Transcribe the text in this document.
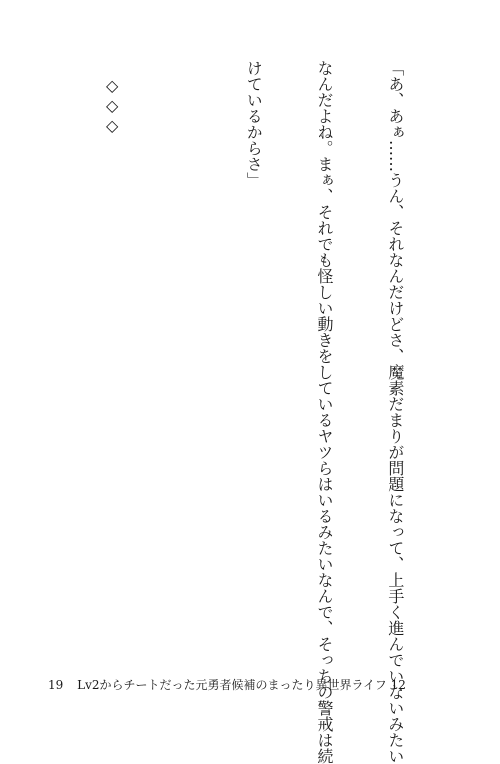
「あ、あぁ……うん、それなんだけどさ、魔素だまりが問題になって、上手く進んでいないみたい

なんだよね。まぁ、それでも怪しい動きをしているヤツらはいるみたいなんで、そっちの警戒は続

けているからさ」

◇◇◇

19 Lv2からチートだった元勇者候補のまったり異世界ライフ 12
